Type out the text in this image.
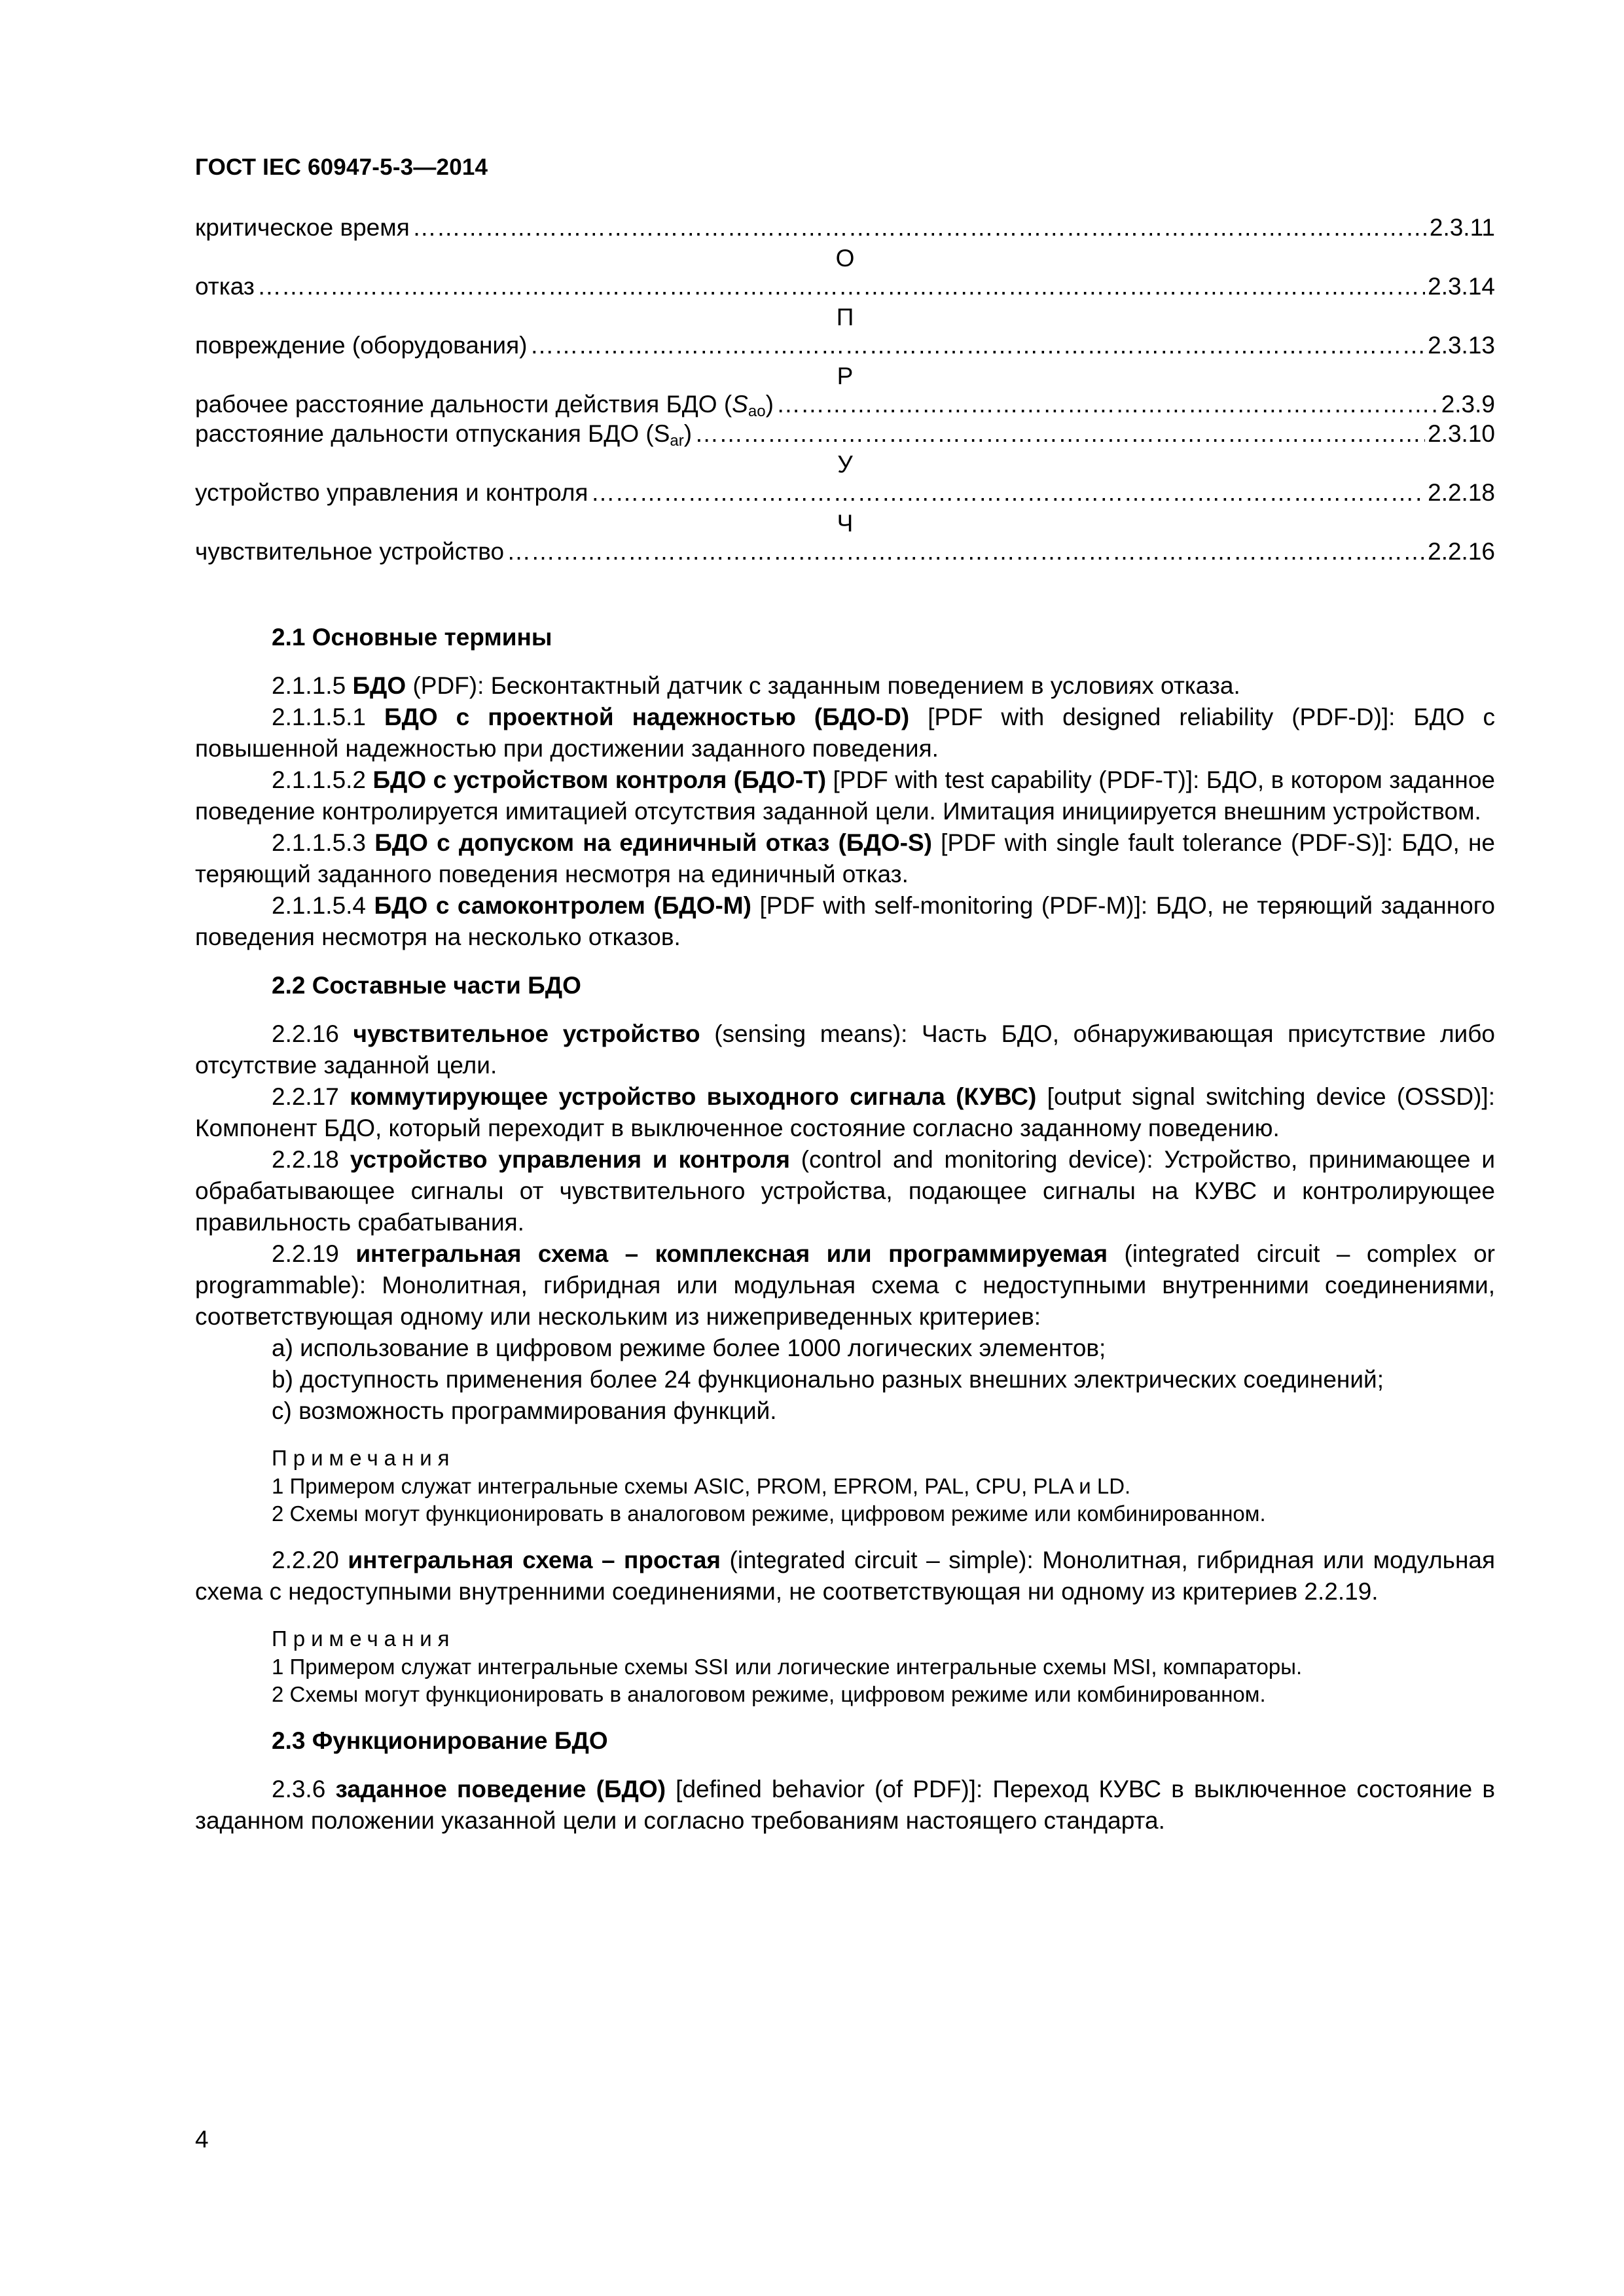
ГОСТ IEC 60947-5-3—2014
критическое время ………………………………………………………………………………………………………………………………………………………………………	2.3.11
О
отказ ………………………………………………………………………………………………………………………………………………………………………	2.3.14
П
повреждение (оборудования) ………………………………………………………………………………………………………………………………………………………………………	2.3.13
Р
рабочее расстояние дальности действия БДО $(S_{ao})$ ………………………………………………………………………………………………………………………………………………………………………	2.3.9
расстояние дальности отпускания БДО $(S_{ar})$ ………………………………………………………………………………………………………………………………………………………………………	2.3.10
У
устройство управления и контроля ………………………………………………………………………………………………………………………………………………………………………	2.2.18
Ч
чувствительное устройство ………………………………………………………………………………………………………………………………………………………………………	2.2.16
2.1 Основные термины

2.1.1.5 БДО (PDF): Бесконтактный датчик с заданным поведением в условиях отказа.

2.1.1.5.1 БДО с проектной надежностью (БДО-D) [PDF with designed reliability (PDF-D)]: БДО с повышенной надежностью при достижении заданного поведения.

2.1.1.5.2 БДО с устройством контроля (БДО-T) [PDF with test capability (PDF-T)]: БДО, в котором заданное поведение контролируется имитацией отсутствия заданной цели. Имитация инициируется внешним устройством.

2.1.1.5.3 БДО с допуском на единичный отказ (БДО-S) [PDF with single fault tolerance (PDF-S)]: БДО, не теряющий заданного поведения несмотря на единичный отказ.

2.1.1.5.4 БДО с самоконтролем (БДО-M) [PDF with self-monitoring (PDF-M)]: БДО, не теряющий заданного поведения несмотря на несколько отказов.

2.2 Составные части БДО

2.2.16 чувствительное устройство (sensing means): Часть БДО, обнаруживающая присутствие либо отсутствие заданной цели.

2.2.17 коммутирующее устройство выходного сигнала (КУВС) [output signal switching device (OSSD)]: Компонент БДО, который переходит в выключенное состояние согласно заданному поведению.

2.2.18 устройство управления и контроля (control and monitoring device): Устройство, принимающее и обрабатывающее сигналы от чувствительного устройства, подающее сигналы на КУВС и контролирующее правильность срабатывания.

2.2.19 интегральная схема – комплексная или программируемая (integrated circuit – complex or programmable): Монолитная, гибридная или модульная схема с недоступными внутренними соединениями, соответствующая одному или нескольким из нижеприведенных критериев:

a) использование в цифровом режиме более 1000 логических элементов;

b) доступность применения более 24 функционально разных внешних электрических соединений;

c) возможность программирования функций.

Примечания
1 Примером служат интегральные схемы ASIC, PROM, EPROM, PAL, CPU, PLA и LD.
2 Схемы могут функционировать в аналоговом режиме, цифровом режиме или комбинированном.

2.2.20 интегральная схема – простая (integrated circuit – simple): Монолитная, гибридная или модульная схема с недоступными внутренними соединениями, не соответствующая ни одному из критериев 2.2.19.

Примечания
1 Примером служат интегральные схемы SSI или логические интегральные схемы MSI, компараторы.
2 Схемы могут функционировать в аналоговом режиме, цифровом режиме или комбинированном.
2.3 Функционирование БДО

2.3.6 заданное поведение (БДО) [defined behavior (of PDF)]: Переход КУВС в выключенное состояние в заданном положении указанной цели и согласно требованиям настоящего стандарта.

4
